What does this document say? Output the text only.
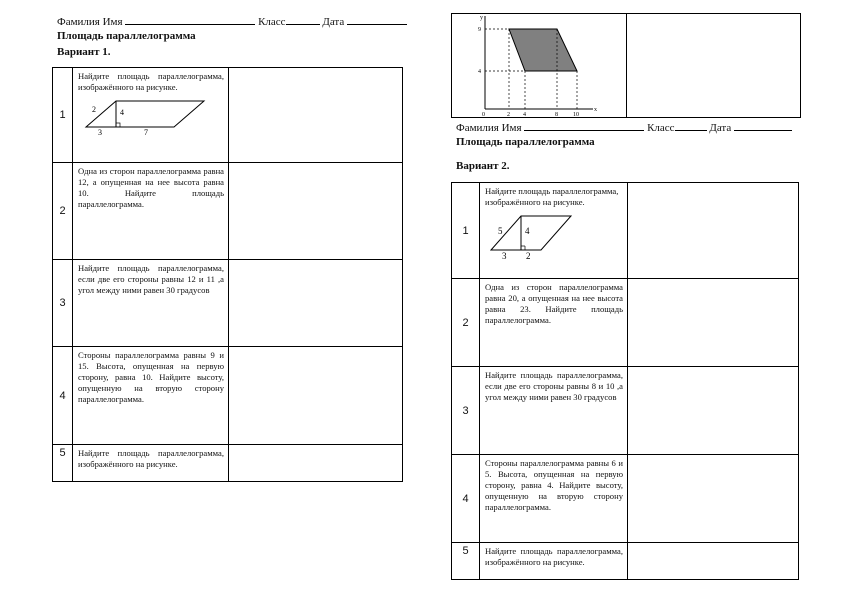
Фамилия Имя	Класс	Дата
Площадь параллелограмма
Вариант 1.
1	Найдите площадь параллелограмма, изображённого на рисунке.
2 4
3 7	

2	Одна из сторон параллелограмма равна 12, а опущенная на нее высота равна 10. Найдите площадь параллелограмма.	
3	Найдите площадь параллелограмма, если две его стороны равны 12 и 11 ,а угол между ними равен 30 градусов	
4	Стороны параллелограмма равны 9 и 15. Высота, опущенная на первую сторону, равна 10. Найдите высоту, опущенную на вторую сторону параллелограмма.	
5	Найдите площадь параллелограмма, изображённого на рисунке.	
y
x
9
4
0	2 4	8	10
Фамилия Имя	Класс	Дата
Площадь параллелограмма
Вариант 2.
1	Найдите площадь параллелограмма, изображённого на рисунке.
5 4
3 2	

2	Одна из сторон параллелограмма равна 20, а опущенная на нее высота равна 23. Найдите площадь параллелограмма.	
3	Найдите площадь параллелограмма, если две его стороны равны 8 и 10 ,а угол между ними равен 30 градусов	
4	Стороны параллелограмма равны 6 и 5. Высота, опущенная на первую сторону, равна 4. Найдите высоту, опущенную на вторую сторону параллелограмма.	
5	Найдите площадь параллелограмма, изображённого на рисунке.	
